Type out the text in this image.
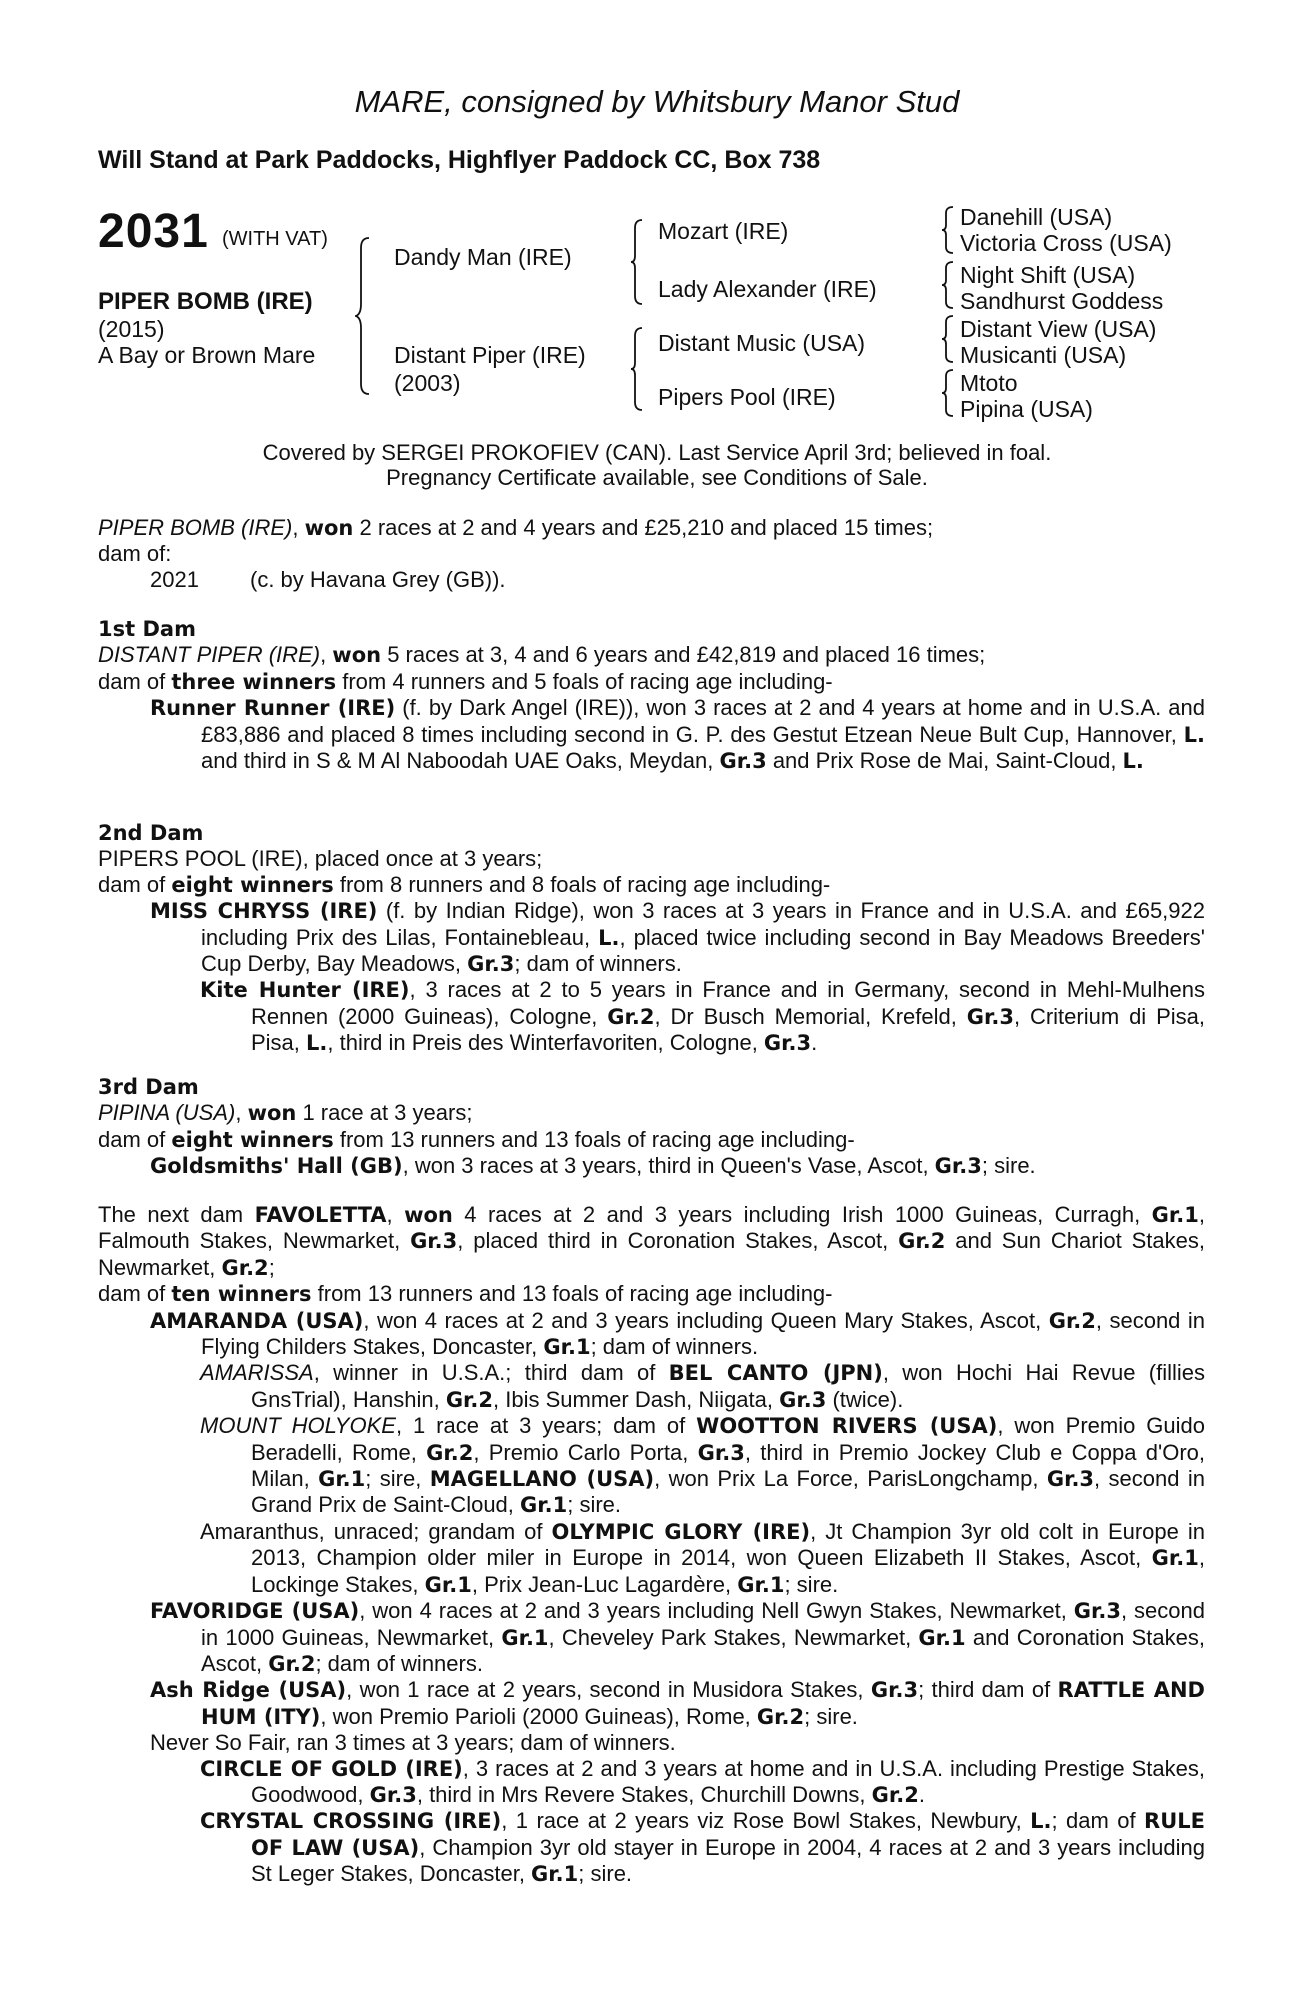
MARE, consigned by Whitsbury Manor Stud
Will Stand at Park Paddocks, Highflyer Paddock CC, Box 738
2031 (WITH VAT)
PIPER BOMB (IRE)
(2015)
A Bay or Brown Mare
Dandy Man (IRE)
Distant Piper (IRE)
(2003)
Mozart (IRE)
Lady Alexander (IRE)
Distant Music (USA)
Pipers Pool (IRE)
Danehill (USA)
Victoria Cross (USA)
Night Shift (USA)
Sandhurst Goddess
Distant View (USA)
Musicanti (USA)
Mtoto
Pipina (USA)
Covered by SERGEI PROKOFIEV (CAN). Last Service April 3rd; believed in foal.
Pregnancy Certificate available, see Conditions of Sale.

PIPER BOMB (IRE), won 2 races at 2 and 4 years and £25,210 and placed 15 times;

dam of:

2021 (c. by Havana Grey (GB)).

1st Dam

DISTANT PIPER (IRE), won 5 races at 3, 4 and 6 years and £42,819 and placed 16 times;

dam of three winners from 4 runners and 5 foals of racing age including-

Runner Runner (IRE) (f. by Dark Angel (IRE)), won 3 races at 2 and 4 years at home and in U.S.A. and £83,886 and placed 8 times including second in G. P. des Gestut Etzean Neue Bult Cup, Hannover, L. and third in S & M Al Naboodah UAE Oaks, Meydan, Gr.3 and Prix Rose de Mai, Saint-Cloud, L.

2nd Dam

PIPERS POOL (IRE), placed once at 3 years;

dam of eight winners from 8 runners and 8 foals of racing age including-

MISS CHRYSS (IRE) (f. by Indian Ridge), won 3 races at 3 years in France and in U.S.A. and £65,922 including Prix des Lilas, Fontainebleau, L., placed twice including second in Bay Meadows Breeders' Cup Derby, Bay Meadows, Gr.3; dam of winners.

Kite Hunter (IRE), 3 races at 2 to 5 years in France and in Germany, second in Mehl-Mulhens Rennen (2000 Guineas), Cologne, Gr.2, Dr Busch Memorial, Krefeld, Gr.3, Criterium di Pisa, Pisa, L., third in Preis des Winterfavoriten, Cologne, Gr.3.

3rd Dam

PIPINA (USA), won 1 race at 3 years;

dam of eight winners from 13 runners and 13 foals of racing age including-

Goldsmiths' Hall (GB), won 3 races at 3 years, third in Queen's Vase, Ascot, Gr.3; sire.

The next dam FAVOLETTA, won 4 races at 2 and 3 years including Irish 1000 Guineas, Curragh, Gr.1, Falmouth Stakes, Newmarket, Gr.3, placed third in Coronation Stakes, Ascot, Gr.2 and Sun Chariot Stakes, Newmarket, Gr.2;

dam of ten winners from 13 runners and 13 foals of racing age including-

AMARANDA (USA), won 4 races at 2 and 3 years including Queen Mary Stakes, Ascot, Gr.2, second in Flying Childers Stakes, Doncaster, Gr.1; dam of winners.

AMARISSA, winner in U.S.A.; third dam of BEL CANTO (JPN), won Hochi Hai Revue (fillies GnsTrial), Hanshin, Gr.2, Ibis Summer Dash, Niigata, Gr.3 (twice).

MOUNT HOLYOKE, 1 race at 3 years; dam of WOOTTON RIVERS (USA), won Premio Guido Beradelli, Rome, Gr.2, Premio Carlo Porta, Gr.3, third in Premio Jockey Club e Coppa d'Oro, Milan, Gr.1; sire, MAGELLANO (USA), won Prix La Force, ParisLongchamp, Gr.3, second in Grand Prix de Saint-Cloud, Gr.1; sire.

Amaranthus, unraced; grandam of OLYMPIC GLORY (IRE), Jt Champion 3yr old colt in Europe in 2013, Champion older miler in Europe in 2014, won Queen Elizabeth II Stakes, Ascot, Gr.1, Lockinge Stakes, Gr.1, Prix Jean-Luc Lagardère, Gr.1; sire.

FAVORIDGE (USA), won 4 races at 2 and 3 years including Nell Gwyn Stakes, Newmarket, Gr.3, second in 1000 Guineas, Newmarket, Gr.1, Cheveley Park Stakes, Newmarket, Gr.1 and Coronation Stakes, Ascot, Gr.2; dam of winners.

Ash Ridge (USA), won 1 race at 2 years, second in Musidora Stakes, Gr.3; third dam of RATTLE AND HUM (ITY), won Premio Parioli (2000 Guineas), Rome, Gr.2; sire.

Never So Fair, ran 3 times at 3 years; dam of winners.

CIRCLE OF GOLD (IRE), 3 races at 2 and 3 years at home and in U.S.A. including Prestige Stakes, Goodwood, Gr.3, third in Mrs Revere Stakes, Churchill Downs, Gr.2.

CRYSTAL CROSSING (IRE), 1 race at 2 years viz Rose Bowl Stakes, Newbury, L.; dam of RULE OF LAW (USA), Champion 3yr old stayer in Europe in 2004, 4 races at 2 and 3 years including St Leger Stakes, Doncaster, Gr.1; sire.
